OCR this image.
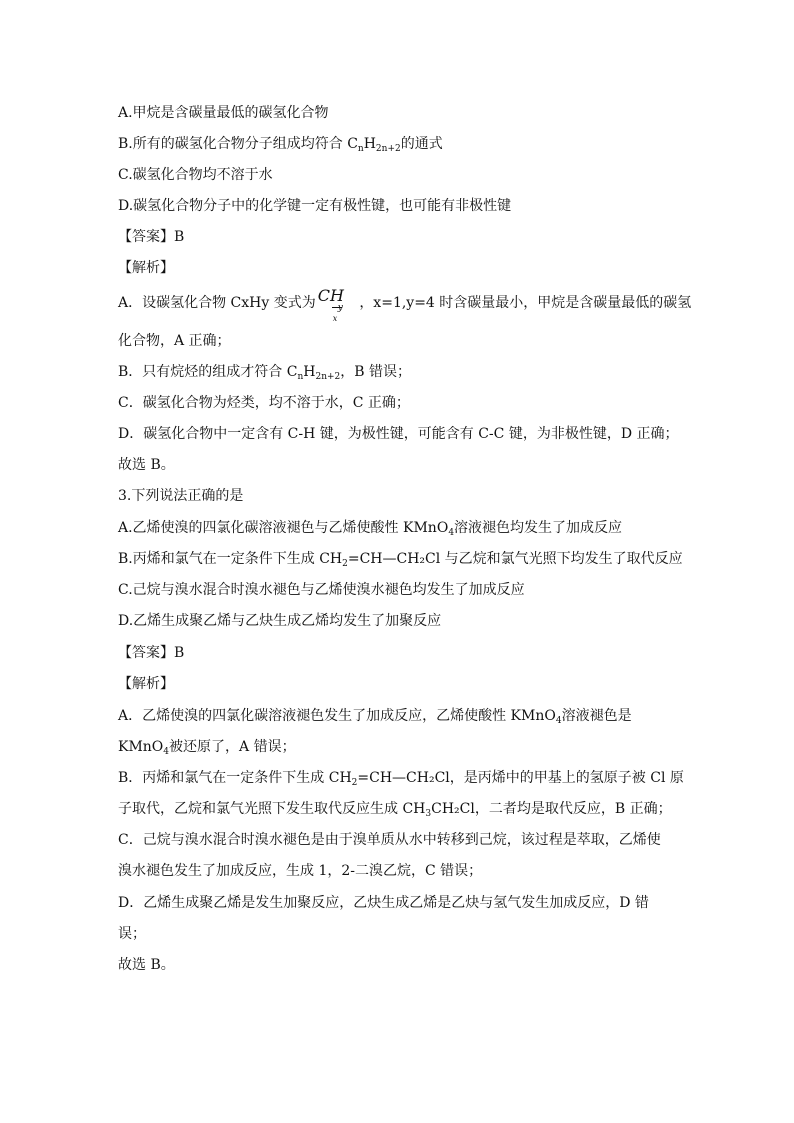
A.甲烷是含碳量最低的碳氢化合物
B.所有的碳氢化合物分子组成均符合 $C_nH_{2n+2}$的通式
C.碳氢化合物均不溶于水
D.碳氢化合物分子中的化学键一定有极性键，也可能有非极性键
【答案】B
【解析】
A．设碳氢化合物 CxHy 变式为 CH
y
x
，x=1,y=4 时含碳量最小，甲烷是含碳量最低的碳氢
化合物，A 正确；
B．只有烷烃的组成才符合 $C_nH_{2n+2}$，B 错误；
C．碳氢化合物为烃类，均不溶于水，C 正确；
D．碳氢化合物中一定含有 C-H 键，为极性键，可能含有 C-C 键，为非极性键，D 正确；
故选 B。
3.下列说法正确的是
A.乙烯使溴的四氯化碳溶液褪色与乙烯使酸性 KMnO$_4$溶液褪色均发生了加成反应
B.丙烯和氯气在一定条件下生成 $CH_2=CH—CH_2Cl$ 与乙烷和氯气光照下均发生了取代反应
C.己烷与溴水混合时溴水褪色与乙烯使溴水褪色均发生了加成反应
D.乙烯生成聚乙烯与乙炔生成乙烯均发生了加聚反应
【答案】B
【解析】
A．乙烯使溴的四氯化碳溶液褪色发生了加成反应，乙烯使酸性 KMnO$_4$溶液褪色是
KMnO$_4$被还原了，A 错误；
B．丙烯和氯气在一定条件下生成 $CH_2=CH—CH_2Cl$，是丙烯中的甲基上的氢原子被 Cl 原
子取代，乙烷和氯气光照下发生取代反应生成 $CH_3CH_2Cl$，二者均是取代反应，B 正确；
C．己烷与溴水混合时溴水褪色是由于溴单质从水中转移到己烷，该过程是萃取，乙烯使
溴水褪色发生了加成反应，生成 1，2-二溴乙烷，C 错误；
D．乙烯生成聚乙烯是发生加聚反应，乙炔生成乙烯是乙炔与氢气发生加成反应，D 错
误；
故选 B。
